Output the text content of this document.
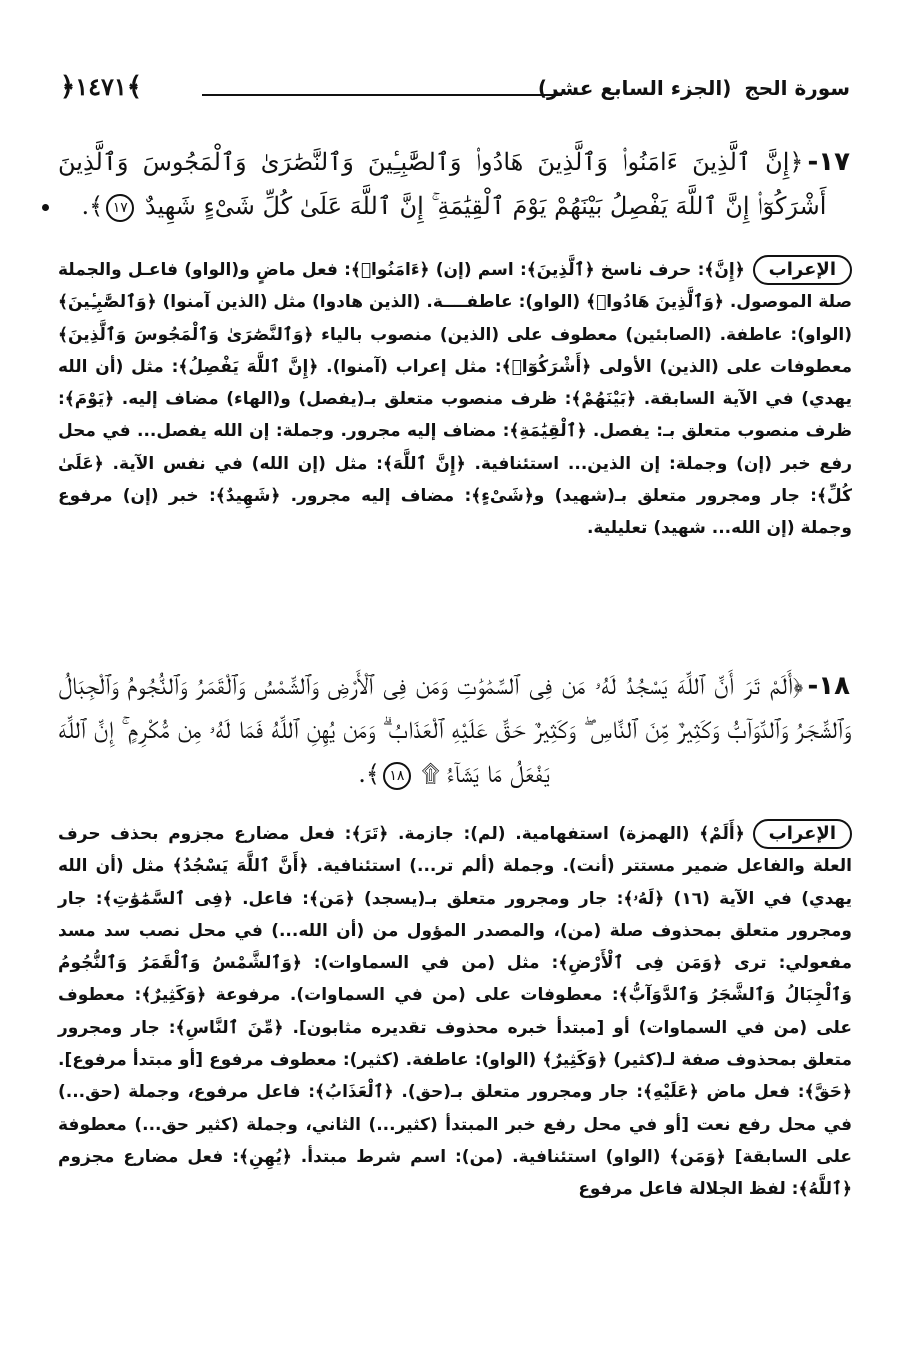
سورة الحج (الجزء السابع عشر)
﴾١٤٧١﴿
١٧-﴿إِنَّ ٱلَّذِينَ ءَامَنُوا۟ وَٱلَّذِينَ هَادُوا۟ وَٱلصَّٰبِـِٔينَ وَٱلنَّصَٰرَىٰ وَٱلْمَجُوسَ وَٱلَّذِينَ أَشْرَكُوٓا۟ إِنَّ ٱللَّهَ يَفْصِلُ بَيْنَهُمْ يَوْمَ ٱلْقِيَٰمَةِ ۚ إِنَّ ٱللَّهَ عَلَىٰ كُلِّ شَىْءٍ شَهِيدٌ ١٧﴾.
الإعراب﴿إِنَّ﴾: حرف ناسخ ﴿ٱلَّذِينَ﴾: اسم (إن) ﴿ءَامَنُوا۟﴾: فعل ماضٍ و(الواو) فاعـل والجملة صلة الموصول. ﴿وَٱلَّذِينَ هَادُوا۟﴾ (الواو): عاطفــــة. (الذين هادوا) مثل (الذين آمنوا) ﴿وَٱلصَّٰبِـِٔينَ﴾ (الواو): عاطفة. (الصابئين) معطوف على (الذين) منصوب بالياء ﴿وَٱلنَّصَٰرَىٰ وَٱلْمَجُوسَ وَٱلَّذِينَ﴾ معطوفات على (الذين) الأولى ﴿أَشْرَكُوٓا۟﴾: مثل إعراب (آمنوا). ﴿إِنَّ ٱللَّهَ يَفْصِلُ﴾: مثل (أن الله يهدي) في الآية السابقة. ﴿بَيْنَهُمْ﴾: ظرف منصوب متعلق بـ(يفصل) و(الهاء) مضاف إليه. ﴿يَوْمَ﴾: ظرف منصوب متعلق بـ: يفصل. ﴿ٱلْقِيَٰمَةِ﴾: مضاف إليه مجرور. وجملة: إن الله يفصل... في محل رفع خبر (إن) وجملة: إن الذين... استئنافية. ﴿إِنَّ ٱللَّهَ﴾: مثل (إن الله) في نفس الآية. ﴿عَلَىٰ كُلِّ﴾: جار ومجرور متعلق بـ(شهيد) و﴿شَىْءٍ﴾: مضاف إليه مجرور. ﴿شَهِيدٌ﴾: خبر (إن) مرفوع وجملة (إن الله... شهيد) تعليلية.
١٨-﴿أَلَمْ تَرَ أَنَّ ٱللَّهَ يَسْجُدُ لَهُۥ مَن فِى ٱلسَّمَٰوَٰتِ وَمَن فِى ٱلْأَرْضِ وَٱلشَّمْسُ وَٱلْقَمَرُ وَٱلنُّجُومُ وَٱلْجِبَالُ وَٱلشَّجَرُ وَٱلدَّوَآبُّ وَكَثِيرٌ مِّنَ ٱلنَّاسِ ۖ وَكَثِيرٌ حَقَّ عَلَيْهِ ٱلْعَذَابُ ۗ وَمَن يُهِنِ ٱللَّهُ فَمَا لَهُۥ مِن مُّكْرِمٍ ۚ إِنَّ ٱللَّهَ يَفْعَلُ مَا يَشَآءُ ۩ ١٨﴾.
الإعراب﴿أَلَمْ﴾ (الهمزة) استفهامية. (لم): جازمة. ﴿تَرَ﴾: فعل مضارع مجزوم بحذف حرف العلة والفاعل ضمير مستتر (أنت). وجملة (ألم تر...) استئنافية. ﴿أَنَّ ٱللَّهَ يَسْجُدُ﴾ مثل (أن الله يهدي) في الآية (١٦) ﴿لَهُۥ﴾: جار ومجرور متعلق بـ(يسجد) ﴿مَن﴾: فاعل. ﴿فِى ٱلسَّمَٰوَٰتِ﴾: جار ومجرور متعلق بمحذوف صلة (من)، والمصدر المؤول من (أن الله...) في محل نصب سد مسد مفعولي: ترى ﴿وَمَن فِى ٱلْأَرْضِ﴾: مثل (من في السماوات): ﴿وَٱلشَّمْسُ وَٱلْقَمَرُ وَٱلنُّجُومُ وَٱلْجِبَالُ وَٱلشَّجَرُ وَٱلدَّوَآبُّ﴾: معطوفات على (من في السماوات). مرفوعة ﴿وَكَثِيرٌ﴾: معطوف على (من في السماوات) أو [مبتدأ خبره محذوف تقديره مثابون]. ﴿مِّنَ ٱلنَّاسِ﴾: جار ومجرور متعلق بمحذوف صفة لـ(كثير) ﴿وَكَثِيرٌ﴾ (الواو): عاطفة. (كثير): معطوف مرفوع [أو مبتدأ مرفوع]. ﴿حَقَّ﴾: فعل ماض ﴿عَلَيْهِ﴾: جار ومجرور متعلق بـ(حق). ﴿ٱلْعَذَابُ﴾: فاعل مرفوع، وجملة (حق...) في محل رفع نعت [أو في محل رفع خبر المبتدأ (كثير...) الثاني، وجملة (كثير حق...) معطوفة على السابقة] ﴿وَمَن﴾ (الواو) استئنافية. (من): اسم شرط مبتدأ. ﴿يُهِنِ﴾: فعل مضارع مجزوم ﴿ٱللَّهُ﴾: لفظ الجلالة فاعل مرفوع
